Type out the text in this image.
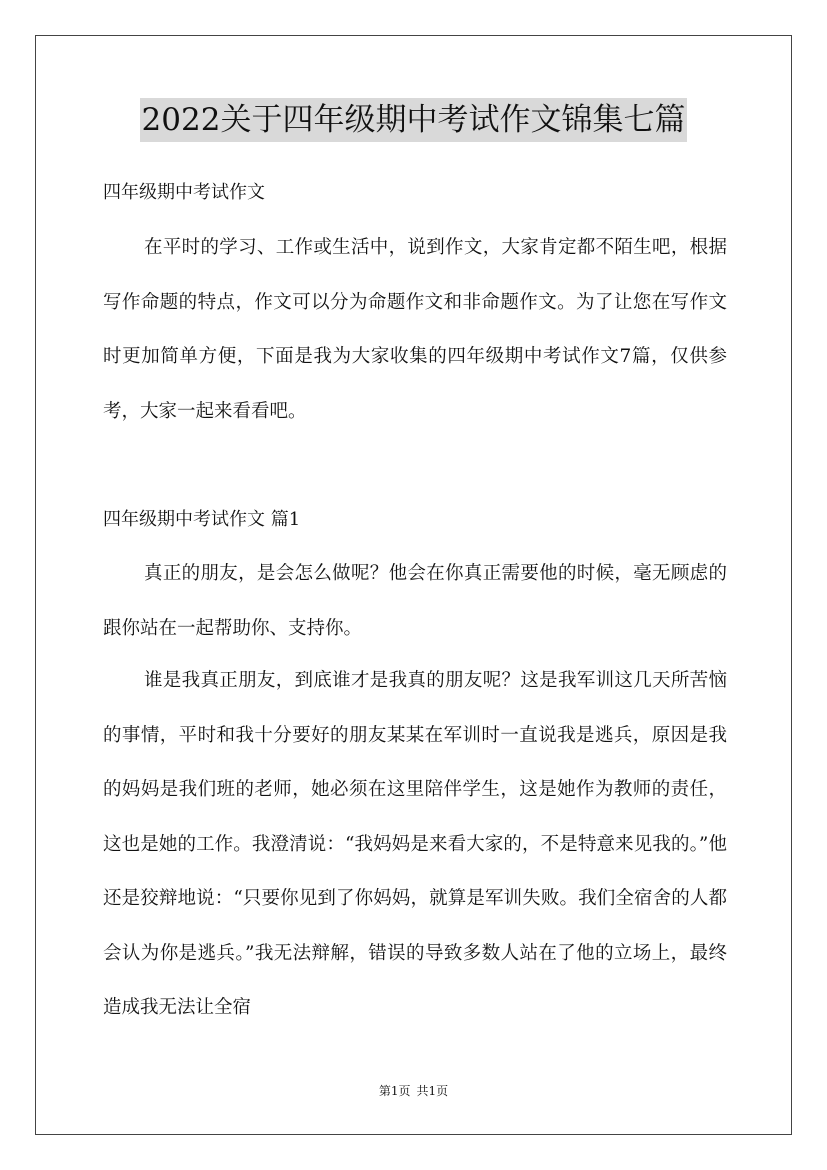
2022关于四年级期中考试作文锦集七篇
四年级期中考试作文

在平时的学习、工作或生活中，说到作文，大家肯定都不陌生吧，根据写作命题的特点，作文可以分为命题作文和非命题作文。为了让您在写作文时更加简单方便，下面是我为大家收集的四年级期中考试作文7篇，仅供参考，大家一起来看看吧。

四年级期中考试作文 篇1

真正的朋友，是会怎么做呢？他会在你真正需要他的时候，毫无顾虑的跟你站在一起帮助你、支持你。

谁是我真正朋友，到底谁才是我真的朋友呢？这是我军训这几天所苦恼的事情，平时和我十分要好的朋友某某在军训时一直说我是逃兵，原因是我的妈妈是我们班的老师，她必须在这里陪伴学生，这是她作为教师的责任，这也是她的工作。我澄清说：“我妈妈是来看大家的，不是特意来见我的。”他还是狡辩地说：“只要你见到了你妈妈，就算是军训失败。我们全宿舍的人都会认为你是逃兵。”我无法辩解，错误的导致多数人站在了他的立场上，最终造成我无法让全宿

第1页 共1页
